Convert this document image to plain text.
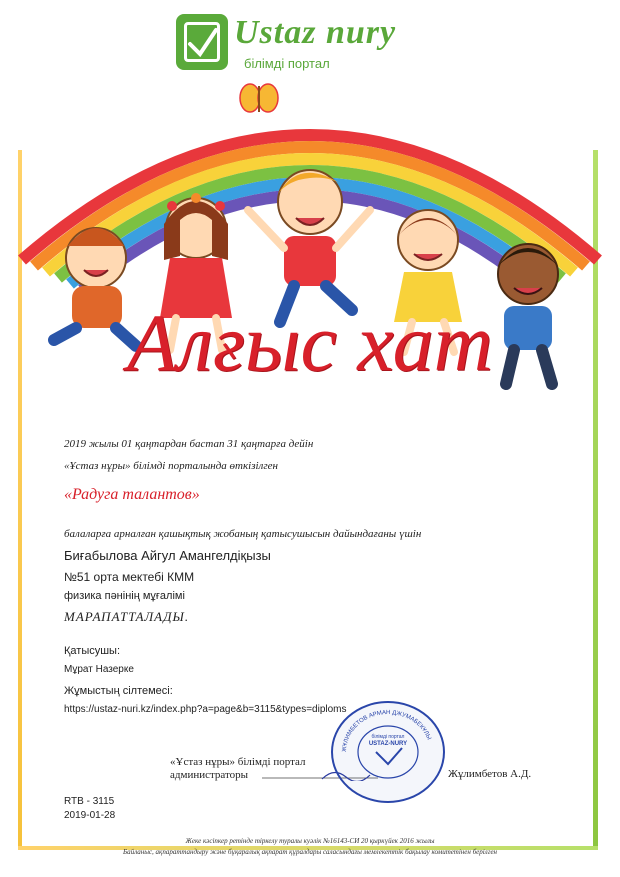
Ustaz nury
білімді портал
Алғыс хат
2019 жылы 01 қаңтардан бастап 31 қаңтарға дейін
«Ұстаз нұры» білімді порталында өткізілген
«Радуга талантов»
балаларға арналған қашықтық жобаның қатысушысын дайындағаны үшін
Биғабылова Айгул Амангелдіқызы
№51 орта мектебі КММ
физика пәнінің мұғалімі
МАРАПАТТАЛАДЫ.
Қатысушы:
Мұрат Назерке
Жұмыстың сілтемесі:
https://ustaz-nuri.kz/index.php?a=page&b=3115&types=diploms
«Ұстаз нұры» білімді портал
администраторы
ЖҰЛИМБЕТОВ АРМАН ДЖУМАБЕКҰЛЫ
білімді портал
USTAZ-NURY
Жұлимбетов А.Д.
RTB - 3115
2019-01-28
Жеке кәсіпкер ретінде тіркелу туралы куәлік №16143-СИ 20 қыркүйек 2016 жылы
Байланыс, ақпараттандыру және бұқаралық ақпарат құралдары саласындағы мемлекеттік бақылау комитетінен берілген
